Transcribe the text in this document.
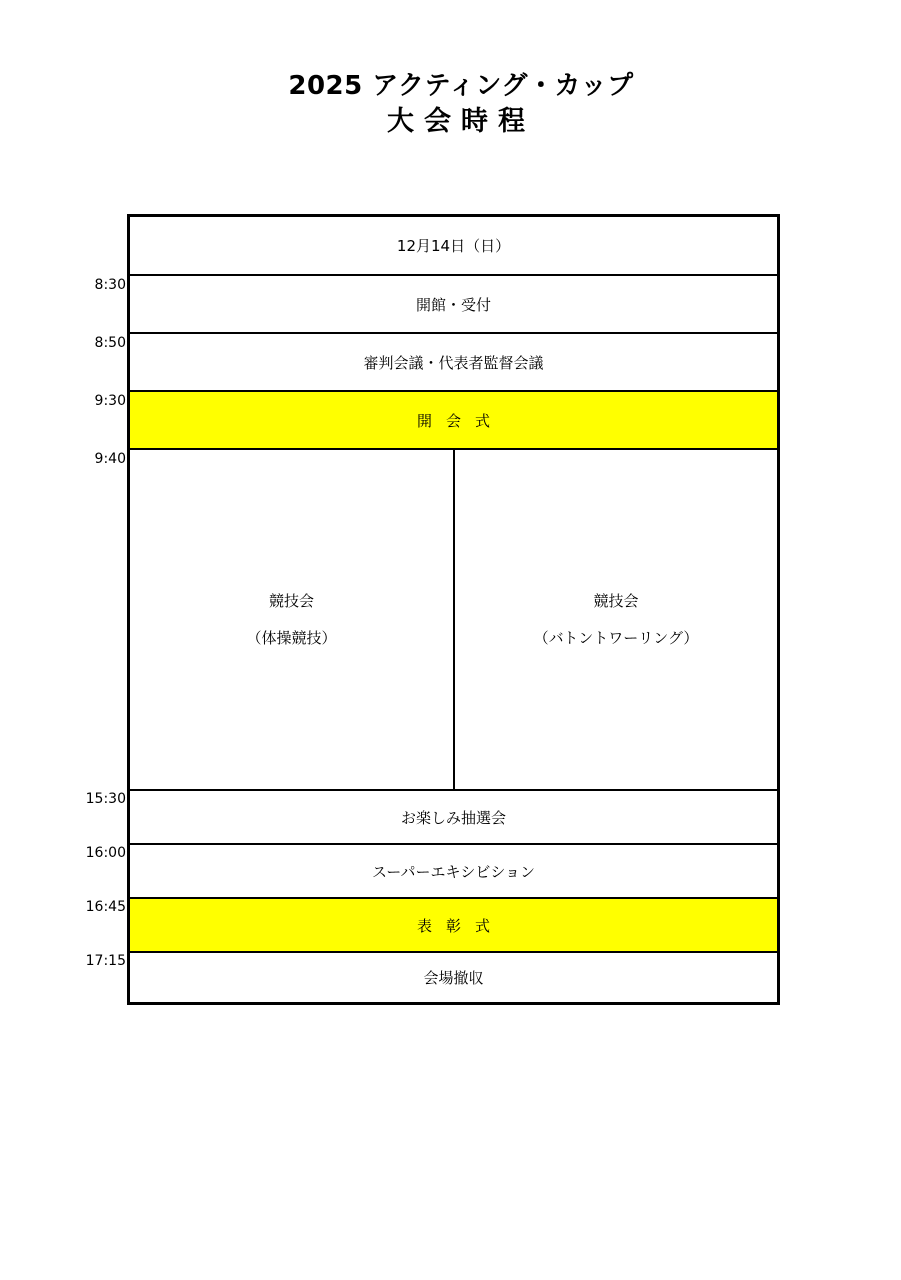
2025 アクティング・カップ
大会時程
8:30
8:50
9:30
9:40
15:30
16:00
16:45
17:15
12月14日（日）
開館・受付
審判会議・代表者監督会議
開会式
競技会
（体操競技）
競技会
（バトントワーリング）
お楽しみ抽選会
スーパーエキシビション
表彰式
会場撤収
